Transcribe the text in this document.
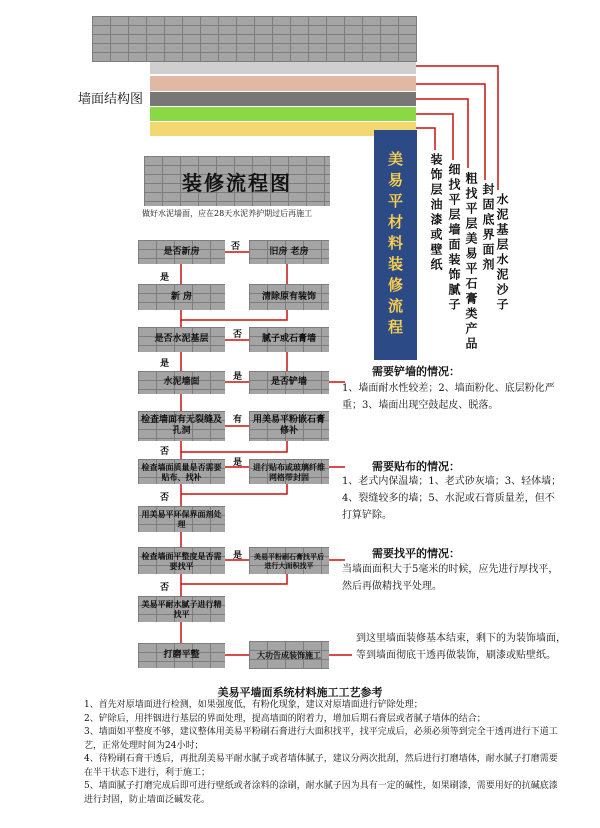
墙面结构图
美易平材料装修流程	水泥基层水泥沙子
封固底界面剂
粗找平层美易平石膏类产品
细找平层墙面装饰腻子
装饰层油漆或壁纸
装修流程图
做好水泥墙面，应在28天水泥养护期过后再施工
是否新房	旧房 老房
新 房	清除原有装饰
是否水泥基层	腻子或石膏墙
水泥墙面	是否铲墙
检查墙面有无裂缝及孔洞
用美易平粉嵌石膏修补
检查墙面质量是否需要贴布、找补
进行贴布或玻璃纤维网格带封固
用美易平环保界面剂处理
检查墙面平整度是否需要找平
美易平粉刷石膏找平后进行大面积找平
美易平耐水腻子进行精找平
打磨平整	大功告成装饰施工
否
是
否
是
是
有
否
是
否
是
否
需要铲墙的情况：
1、墙面耐水性较差；2、墙面粉化、底层粉化严重；3、墙面出现空鼓起皮、脱落。
需要贴布的情况：
1、老式内保温墙；1、老式砂灰墙；3、轻体墙；4、裂缝较多的墙；5、水泥或石膏质量差，但不打算铲除。
需要找平的情况：
当墙面面积大于5毫米的时候，应先进行厚找平，然后再做精找平处理。
到这里墙面装修基本结束，剩下的为装饰墙面，等到墙面彻底干透再做装饰，刷漆或贴壁纸。
美易平墙面系统材料施工工艺参考
1、首先对原墙面进行检测，如果强度低，有粉化现象，建议对原墙面进行铲除处理；
2、铲除后，用拌铟进行基层的界面处理，提高墙面的附着力，增加后期石膏层或者腻子墙体的结合；
3、墙面如平整度不够，建议整体用美易平粉刷石膏进行大面积找平，找平完成后，必须必须等到完全干透再进行下道工艺，正常处理时间为24小时；
4、待粉刷石膏干透后，再批刮美易平耐水腻子或者墙体腻子，建议分两次批刮，然后进行打磨墙体，耐水腻子打磨需要在半干状态下进行，利于施工；
5、墙面腻子打磨完成后即可进行壁纸或者涂料的涂刷，耐水腻子因为具有一定的碱性，如果刷漆，需要用好的抗碱底漆进行封固，防止墙面泛碱发花。
